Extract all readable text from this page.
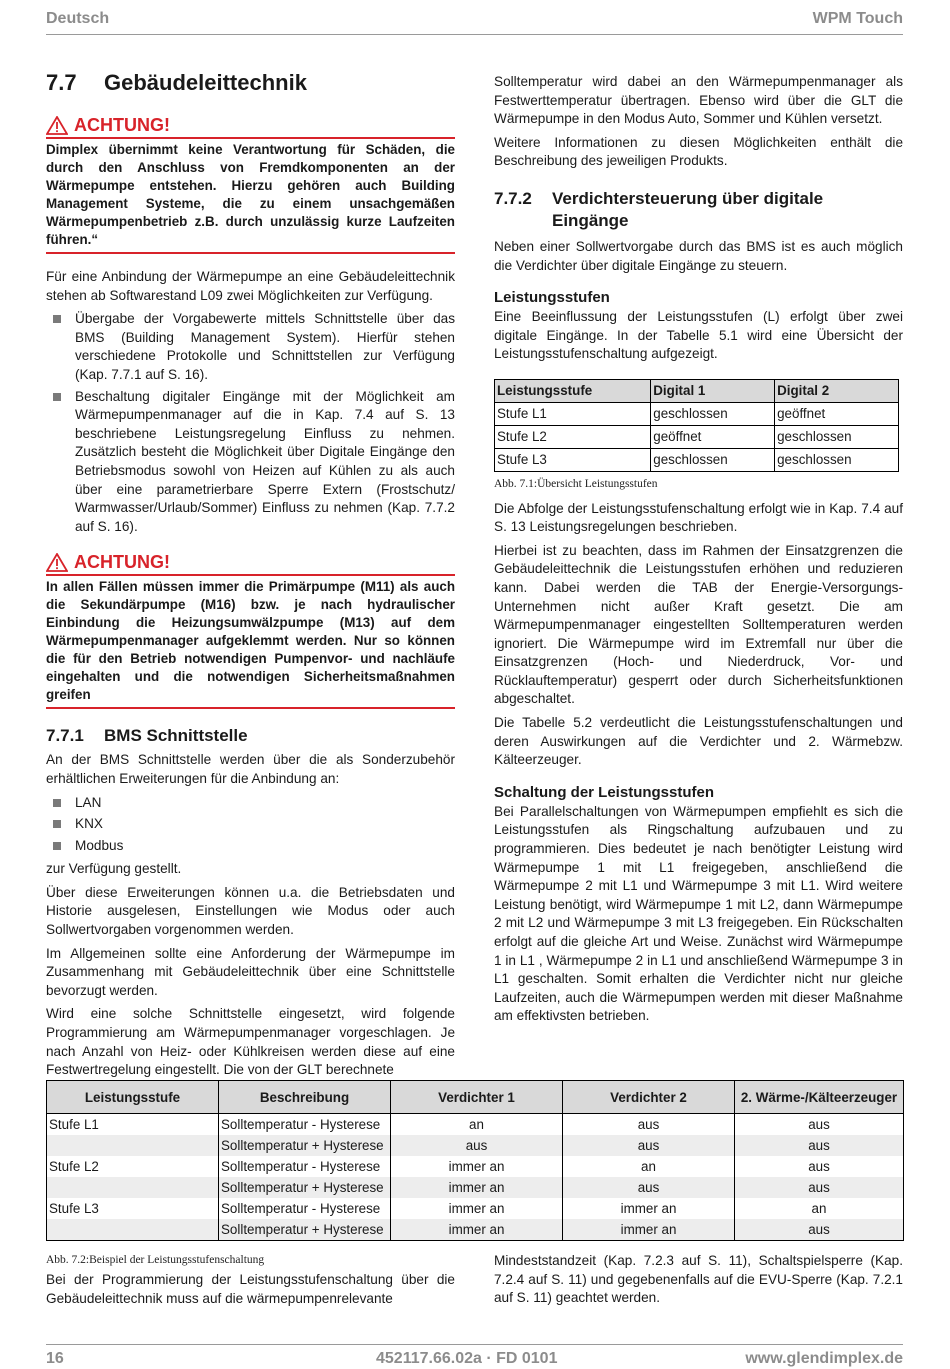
Deutsch	WPM Touch
7.7 Gebäudeleittechnik
ACHTUNG!
Dimplex übernimmt keine Verantwortung für Schäden, die durch den Anschluss von Fremdkomponenten an der Wärmepumpe entstehen. Hierzu gehören auch Building Management Systeme, die zu einem unsachgemäßen Wärmepumpenbetrieb z.B. durch unzulässig kurze Laufzeiten führen.“

Für eine Anbindung der Wärmepumpe an eine Gebäudeleittechnik stehen ab Softwarestand L09 zwei Möglichkeiten zur Verfügung.

Übergabe der Vorgabewerte mittels Schnittstelle über das BMS (Building Management System). Hierfür stehen verschiedene Protokolle und Schnittstellen zur Verfügung (Kap. 7.7.1 auf S. 16).
Beschaltung digitaler Eingänge mit der Möglichkeit am Wärmepumpenmanager auf die in Kap. 7.4 auf S. 13 beschriebene Leistungsregelung Einfluss zu nehmen. Zusätzlich besteht die Möglichkeit über Digitale Eingänge den Betriebsmodus sowohl von Heizen auf Kühlen zu als auch über eine parametrierbare Sperre Extern (Frostschutz/ Warmwasser/Urlaub/Sommer) Einfluss zu nehmen (Kap. 7.7.2 auf S. 16).
ACHTUNG!
In allen Fällen müssen immer die Primärpumpe (M11) als auch die Sekundärpumpe (M16) bzw. je nach hydraulischer Einbindung die Heizungsumwälzpumpe (M13) auf dem Wärmepumpenmanager aufgeklemmt werden. Nur so können die für den Betrieb notwendigen Pumpenvor- und nachläufe eingehalten und die notwendigen Sicherheitsmaßnahmen greifen
7.7.1 BMS Schnittstelle

An der BMS Schnittstelle werden über die als Sonderzubehör erhältlichen Erweiterungen für die Anbindung an:

LAN
KNX
Modbus

zur Verfügung gestellt.

Über diese Erweiterungen können u.a. die Betriebsdaten und Historie ausgelesen, Einstellungen wie Modus oder auch Sollwertvorgaben vorgenommen werden.

Im Allgemeinen sollte eine Anforderung der Wärmepumpe im Zusammenhang mit Gebäudeleittechnik über eine Schnittstelle bevorzugt werden.

Wird eine solche Schnittstelle eingesetzt, wird folgende Programmierung am Wärmepumpenmanager vorgeschlagen. Je nach Anzahl von Heiz- oder Kühlkreisen werden diese auf eine Festwertregelung eingestellt. Die von der GLT berechnete

Solltemperatur wird dabei an den Wärmepumpenmanager als Festwerttemperatur übertragen. Ebenso wird über die GLT die Wärmepumpe in den Modus Auto, Sommer und Kühlen versetzt.

Weitere Informationen zu diesen Möglichkeiten enthält die Beschreibung des jeweiligen Produkts.

7.7.2 Verdichtersteuerung über digitale
Eingänge

Neben einer Sollwertvorgabe durch das BMS ist es auch möglich die Verdichter über digitale Eingänge zu steuern.

Leistungsstufen

Eine Beeinflussung der Leistungsstufen (L) erfolgt über zwei digitale Eingänge. In der Tabelle 5.1 wird eine Übersicht der Leistungsstufenschaltung aufgezeigt.

Leistungsstufe	Digital 1	Digital 2
Stufe L1	geschlossen	geöffnet
Stufe L2	geöffnet	geschlossen
Stufe L3	geschlossen	geschlossen
Abb. 7.1:Übersicht Leistungsstufen

Die Abfolge der Leistungsstufenschaltung erfolgt wie in Kap. 7.4 auf S. 13 Leistungsregelungen beschrieben.

Hierbei ist zu beachten, dass im Rahmen der Einsatzgrenzen die Gebäudeleittechnik die Leistungsstufen erhöhen und reduzieren kann. Dabei werden die TAB der Energie-Versorgungs-Unternehmen nicht außer Kraft gesetzt. Die am Wärmepumpenmanager eingestellten Solltemperaturen werden ignoriert. Die Wärmepumpe wird im Extremfall nur über die Einsatzgrenzen (Hoch- und Niederdruck, Vor- und Rücklauftemperatur) gesperrt oder durch Sicherheitsfunktionen abgeschaltet.

Die Tabelle 5.2 verdeutlicht die Leistungsstufenschaltungen und deren Auswirkungen auf die Verdichter und 2. Wärmebzw. Kälteerzeuger.

Schaltung der Leistungsstufen

Bei Parallelschaltungen von Wärmepumpen empfiehlt es sich die Leistungsstufen als Ringschaltung aufzubauen und zu programmieren. Dies bedeutet je nach benötigter Leistung wird Wärmepumpe 1 mit L1 freigegeben, anschließend die Wärmepumpe 2 mit L1 und Wärmepumpe 3 mit L1. Wird weitere Leistung benötigt, wird Wärmepumpe 1 mit L2, dann Wärmepumpe 2 mit L2 und Wärmepumpe 3 mit L3 freigegeben. Ein Rückschalten erfolgt auf die gleiche Art und Weise. Zunächst wird Wärmepumpe 1 in L1 , Wärmepumpe 2 in L1 und anschließend Wärmepumpe 3 in L1 geschalten. Somit erhalten die Verdichter nicht nur gleiche Laufzeiten, auch die Wärmepumpen werden mit dieser Maßnahme am effektivsten betrieben.

Leistungsstufe	Beschreibung	Verdichter 1	Verdichter 2	2. Wärme-/Kälteerzeuger
Stufe L1	Solltemperatur - Hysterese	an	aus	aus
	Solltemperatur + Hysterese	aus	aus	aus
Stufe L2	Solltemperatur - Hysterese	immer an	an	aus
	Solltemperatur + Hysterese	immer an	aus	aus
Stufe L3	Solltemperatur - Hysterese	immer an	immer an	an
	Solltemperatur + Hysterese	immer an	immer an	aus
Abb. 7.2:Beispiel der Leistungsstufenschaltung

Bei der Programmierung der Leistungsstufenschaltung über die Gebäudeleittechnik muss auf die wärmepumpenrelevante

Mindeststandzeit (Kap. 7.2.3 auf S. 11), Schaltspielsperre (Kap. 7.2.4 auf S. 11) und gegebenenfalls auf die EVU-Sperre (Kap. 7.2.1 auf S. 11) geachtet werden.

16	452117.66.02a · FD 0101	www.glendimplex.de
